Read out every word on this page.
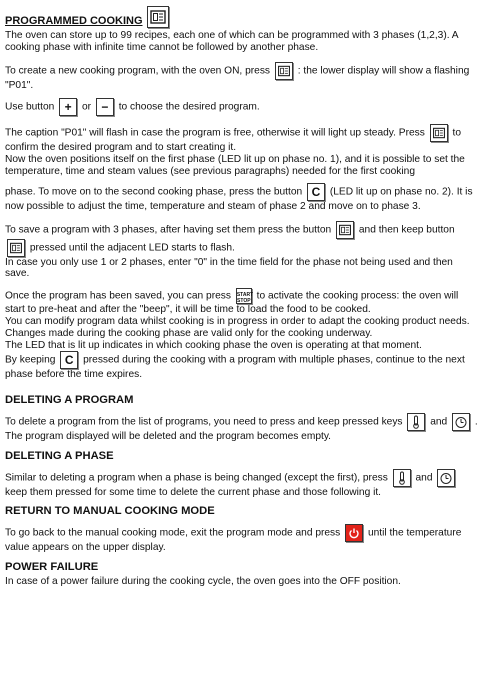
PROGRAMMED COOKING

The oven can store up to 99 recipes, each one of which can be programmed with 3 phases (1,2,3). A cooking phase with infinite time cannot be followed by another phase.

To create a new cooking program, with the oven ON, press	: the lower display will show a flashing "P01".

Use button + or − to choose the desired program.

The caption "P01" will flash in case the program is free, otherwise it will light up steady. Press	to confirm the desired program and to start creating it.

Now the oven positions itself on the first phase (LED lit up on phase no. 1), and it is possible to set the temperature, time and steam values (see previous paragraphs) needed for the first cooking

phase. To move on to the second cooking phase, press the button C (LED lit up on phase no. 2). It is now possible to adjust the time, temperature and steam of phase 2 and move on to phase 3.

To save a program with 3 phases, after having set them press the button	and then keep button
pressed until the adjacent LED starts to flash.

In case you only use 1 or 2 phases, enter "0" in the time field for the phase not being used and then save.

Once the program has been saved, you can press START STOP to activate the cooking process: the oven will start to pre-heat and after the "beep", it will be time to load the food to be cooked.

You can modify program data whilst cooking is in progress in order to adapt the cooking product needs.

Changes made during the cooking phase are valid only for the cooking underway.

The LED that is lit up indicates in which cooking phase the oven is operating at that moment.

By keeping C pressed during the cooking with a program with multiple phases, continue to the next phase before the time expires.

DELETING A PROGRAM

To delete a program from the list of programs, you need to press and keep pressed keys	and	. The program displayed will be deleted and the program becomes empty.

DELETING A PHASE

Similar to deleting a program when a phase is being changed (except the first), press	and
keep them pressed for some time to delete the current phase and those following it.

RETURN TO MANUAL COOKING MODE

To go back to the manual cooking mode, exit the program mode and press	until the temperature value appears on the upper display.

POWER FAILURE

In case of a power failure during the cooking cycle, the oven goes into the OFF position.
